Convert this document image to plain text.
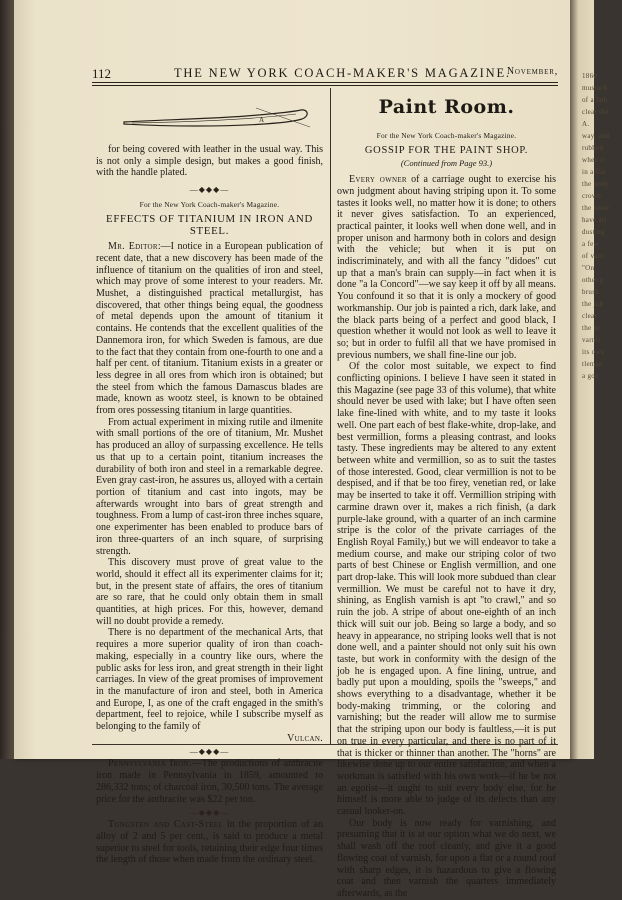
1860
mustach
of a lath
clear the
A.
way, and
rubbed
when it
in a flat
the body
crown
the latter
have all
dusting
a few
of varn
"On
other p
brush.
the job
clear
the bo
varnis
its own
tleman
a goo
112	THE NEW YORK COACH-MAKER'S MAGAZINE.
November,
A

for being covered with leather in the usual way. This is not only a simple design, but makes a good finish, with the handle plated.

—◆◆◆—
For the New York Coach-maker's Magazine.
EFFECTS OF TITANIUM IN IRON AND STEEL.

Mr. Editor:—I notice in a European publication of recent date, that a new discovery has been made of the influence of titanium on the qualities of iron and steel, which may prove of some interest to your readers. Mr. Mushet, a distinguished practical metallurgist, has discovered, that other things being equal, the goodness of metal depends upon the amount of titanium it contains. He contends that the excellent qualities of the Dannemora iron, for which Sweden is famous, are due to the fact that they contain from one-fourth to one and a half per cent. of titanium. Titanium exists in a greater or less degree in all ores from which iron is obtained; but the steel from which the famous Damascus blades are made, known as wootz steel, is known to be obtained from ores possessing titanium in large quantities.

From actual experiment in mixing rutile and ilmenite with small portions of the ore of titanium, Mr. Mushet has produced an alloy of surpassing excellence. He tells us that up to a certain point, titanium increases the durability of both iron and steel in a remarkable degree. Even gray cast-iron, he assures us, alloyed with a certain portion of titanium and cast into ingots, may be afterwards wrought into bars of great strength and toughness. From a lump of cast-iron three inches square, one experimenter has been enabled to produce bars of iron three-quarters of an inch square, of surprising strength.

This discovery must prove of great value to the world, should it effect all its experimenter claims for it; but, in the present state of affairs, the ores of titanium are so rare, that he could only obtain them in small quantities, at high prices. For this, however, demand will no doubt provide a remedy.

There is no department of the mechanical Arts, that requires a more superior quality of iron than coach-making, especially in a country like ours, where the public asks for less iron, and great strength in their light carriages. In view of the great promises of improvement in the manufacture of iron and steel, both in America and Europe, I, as one of the craft engaged in the smith's department, feel to rejoice, while I subscribe myself as belonging to the family of

Vulcan.

—◆◆◆—

Pennsylvania Iron.—The productions of anthracite iron made in Pennsylvania in 1859, amounted to 286,332 tons; of charcoal iron, 30,500 tons. The average price for the anthracite was $22 per ton.

—◆◆◆—

Tungsten and Cast-Steel in the proportion of an alloy of 2 and 5 per cent., is said to produce a metal superior to steel for tools, retaining their edge four times the length of those when made from the ordinary steel.

Paint Room.
For the New York Coach-maker's Magazine.
GOSSIP FOR THE PAINT SHOP.
(Continued from Page 93.)

Every owner of a carriage ought to exercise his own judgment about having striping upon it. To some tastes it looks well, no matter how it is done; to others it never gives satisfaction. To an experienced, practical painter, it looks well when done well, and in proper unison and harmony both in colors and design with the vehicle; but when it is put on indiscriminately, and with all the fancy "didoes" cut up that a man's brain can supply—in fact when it is done "a la Concord"—we say keep it off by all means. You confound it so that it is only a mockery of good workmanship. Our job is painted a rich, dark lake, and the black parts being of a perfect and good black, I question whether it would not look as well to leave it so; but in order to fulfil all that we have promised in previous numbers, we shall fine-line our job.

Of the color most suitable, we expect to find conflicting opinions. I believe I have seen it stated in this Magazine (see page 33 of this volume), that white should never be used with lake; but I have often seen lake fine-lined with white, and to my taste it looks well. One part each of best flake-white, drop-lake, and best vermillion, forms a pleasing contrast, and looks tasty. These ingredients may be altered to any extent between white and vermillion, so as to suit the tastes of those interested. Good, clear vermillion is not to be despised, and if that be too firey, venetian red, or lake may be inserted to take it off. Vermillion striping with carmine drawn over it, makes a rich finish, (a dark purple-lake ground, with a quarter of an inch carmine stripe is the color of the private carriages of the English Royal Family,) but we will endeavor to take a medium course, and make our striping color of two parts of best Chinese or English vermillion, and one part drop-lake. This will look more subdued than clear vermillion. We must be careful not to have it dry, shining, as English varnish is apt "to crawl," and so ruin the job. A stripe of about one-eighth of an inch thick will suit our job. Being so large a body, and so heavy in appearance, no striping looks well that is not done well, and a painter should not only suit his own taste, but work in conformity with the design of the job he is engaged upon. A fine lining, untrue, and badly put upon a moulding, spoils the "sweeps," and shows everything to a disadvantage, whether it be body-making trimming, or the coloring and varnishing; but the reader will allow me to surmise that the striping upon our body is faultless,—it is put on true in every particular, and there is no part of it that is thicker or thinner than another. The "horns" are likewise done up to our entire satisfaction, and when a workman is satisfied with his own work—if he be not an egotist—it ought to suit every body else, for he himself is more able to judge of its defects than any casual looker-on.

Our body is now ready for varnishing, and presuming that it is at our option what we do next, we shall wash off the roof cleanly, and give it a good flowing coat of varnish, for upon a flat or a round roof with sharp edges, it is hazardous to give a flowing coat and then varnish the quarters immediately afterwards, as the
